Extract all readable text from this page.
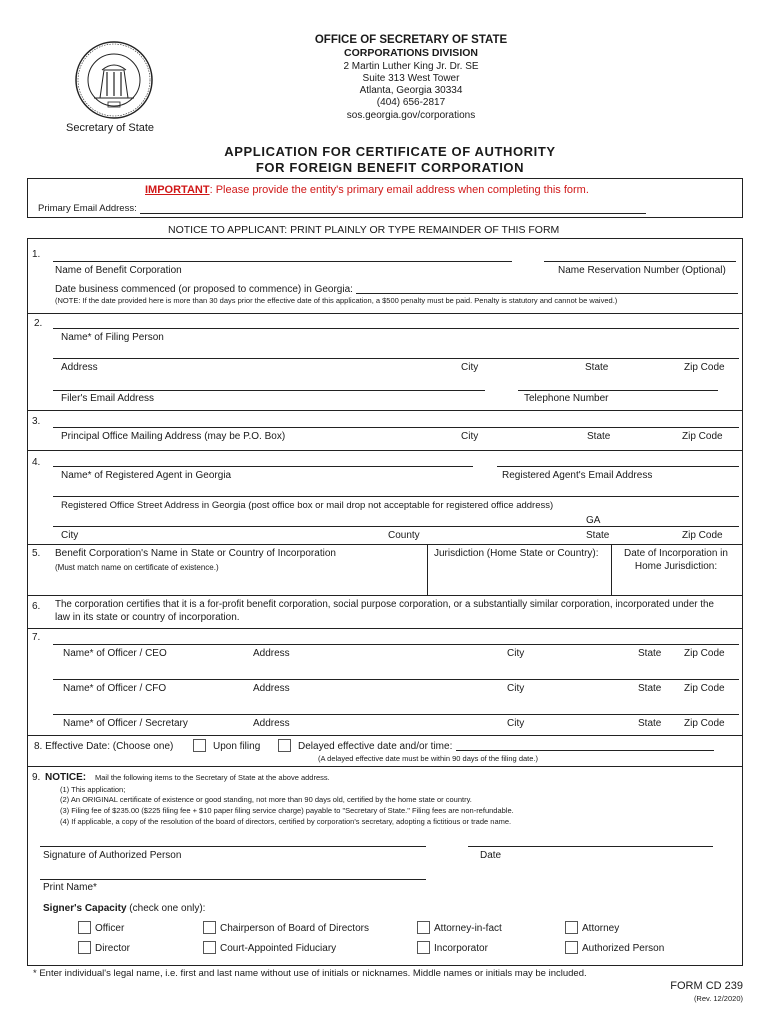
Secretary of State
OFFICE OF SECRETARY OF STATE
CORPORATIONS DIVISION
2 Martin Luther King Jr. Dr. SE
Suite 313 West Tower
Atlanta, Georgia 30334
(404) 656-2817
sos.georgia.gov/corporations
APPLICATION FOR CERTIFICATE OF AUTHORITY
FOR FOREIGN BENEFIT CORPORATION
IMPORTANT: Please provide the entity's primary email address when completing this form.
Primary Email Address:
NOTICE TO APPLICANT: PRINT PLAINLY OR TYPE REMAINDER OF THIS FORM
1.
Name of Benefit Corporation	Name Reservation Number (Optional)
Date business commenced (or proposed to commence) in Georgia:
(NOTE: If the date provided here is more than 30 days prior the effective date of this application, a $500 penalty must be paid. Penalty is statutory and cannot be waived.)
2.
Name* of Filing Person
Address	City	State	Zip Code
Filer's Email Address	Telephone Number
3.
Principal Office Mailing Address (may be P.O. Box)	City	State	Zip Code
4.
Name* of Registered Agent in Georgia	Registered Agent's Email Address
Registered Office Street Address in Georgia (post office box or mail drop not acceptable for registered office address)
GA
City	County	State	Zip Code
5. Benefit Corporation's Name in State or Country of Incorporation
(Must match name on certificate of existence.)
Jurisdiction (Home State or Country):	Date of Incorporation in
Home Jurisdiction:
6. The corporation certifies that it is a for-profit benefit corporation, social purpose corporation, or a substantially similar corporation, incorporated under the
law in its state or country of incorporation.
7.
Name* of Officer / CEO	Address	City	State Zip Code
Name* of Officer / CFO	Address	City	State Zip Code
Name* of Officer / Secretary	Address	City	State Zip Code
8. Effective Date: (Choose one)	Upon filing	Delayed effective date and/or time:
(A delayed effective date must be within 90 days of the filing date.)
9. NOTICE: Mail the following items to the Secretary of State at the above address.
(1) This application;
(2) An ORIGINAL certificate of existence or good standing, not more than 90 days old, certified by the home state or country.
(3) Filing fee of $235.00 ($225 filing fee + $10 paper filing service charge) payable to "Secretary of State." Filing fees are non-refundable.
(4) If applicable, a copy of the resolution of the board of directors, certified by corporation's secretary, adopting a fictitious or trade name.
Signature of Authorized Person	Date
Print Name*
Signer's Capacity (check one only):
Officer	Chairperson of Board of Directors	Attorney-in-fact	Attorney
Director	Court-Appointed Fiduciary	Incorporator	Authorized Person
* Enter individual's legal name, i.e. first and last name without use of initials or nicknames. Middle names or initials may be included.
FORM CD 239
(Rev. 12/2020)
